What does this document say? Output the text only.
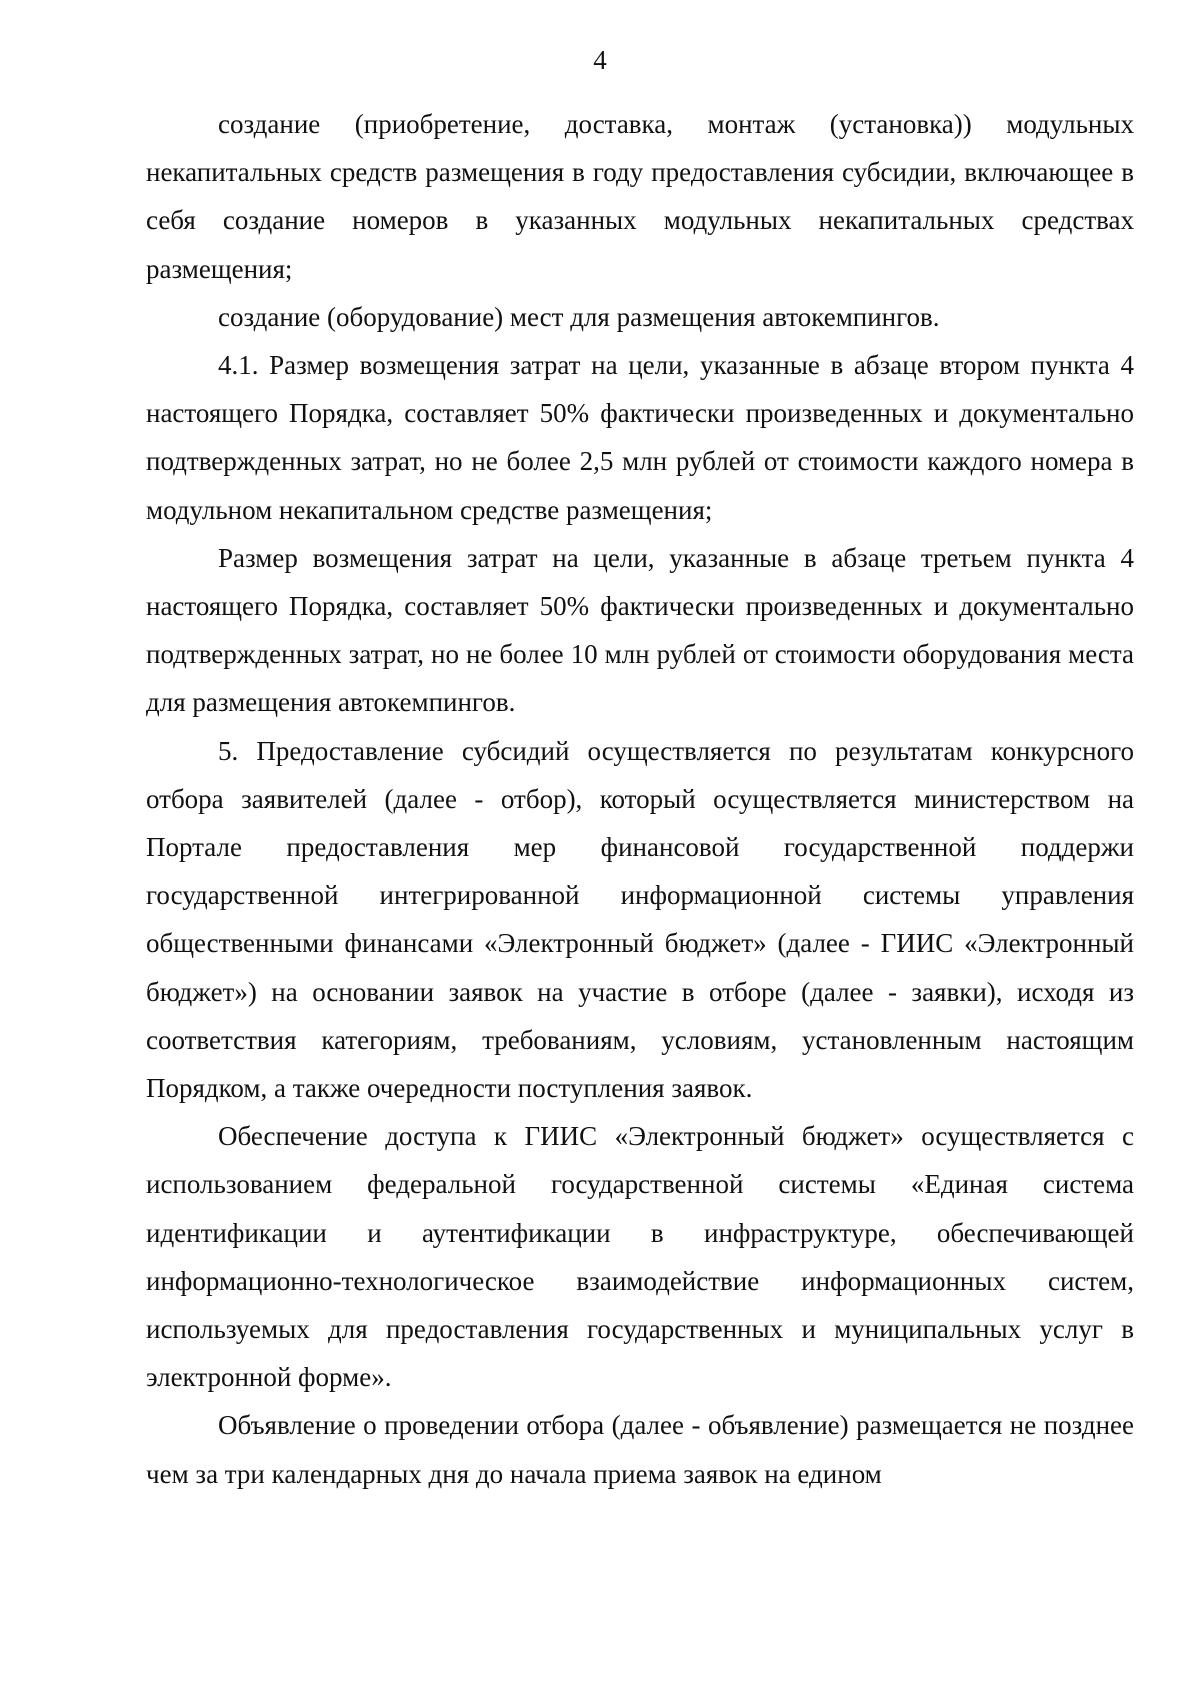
4

создание (приобретение, доставка, монтаж (установка)) модульных некапитальных средств размещения в году предоставления субсидии, включающее в себя создание номеров в указанных модульных некапитальных средствах размещения;

создание (оборудование) мест для размещения автокемпингов.

4.1. Размер возмещения затрат на цели, указанные в абзаце втором пункта 4 настоящего Порядка, составляет 50% фактически произведенных и документально подтвержденных затрат, но не более 2,5 млн рублей от стоимости каждого номера в модульном некапитальном средстве размещения;

Размер возмещения затрат на цели, указанные в абзаце третьем пункта 4 настоящего Порядка, составляет 50% фактически произведенных и документально подтвержденных затрат, но не более 10 млн рублей от стоимости оборудования места для размещения автокемпингов.

5. Предоставление субсидий осуществляется по результатам конкурсного отбора заявителей (далее - отбор), который осуществляется министерством на Портале предоставления мер финансовой государственной поддержи государственной интегрированной информационной системы управления общественными финансами «Электронный бюджет» (далее - ГИИС «Электронный бюджет») на основании заявок на участие в отборе (далее - заявки), исходя из соответствия категориям, требованиям, условиям, установленным настоящим Порядком, а также очередности поступления заявок.

Обеспечение доступа к ГИИС «Электронный бюджет» осуществляется с использованием федеральной государственной системы «Единая система идентификации и аутентификации в инфраструктуре, обеспечивающей информационно-технологическое взаимодействие информационных систем, используемых для предоставления государственных и муниципальных услуг в электронной форме».

Объявление о проведении отбора (далее - объявление) размещается не позднее чем за три календарных дня до начала приема заявок на едином
